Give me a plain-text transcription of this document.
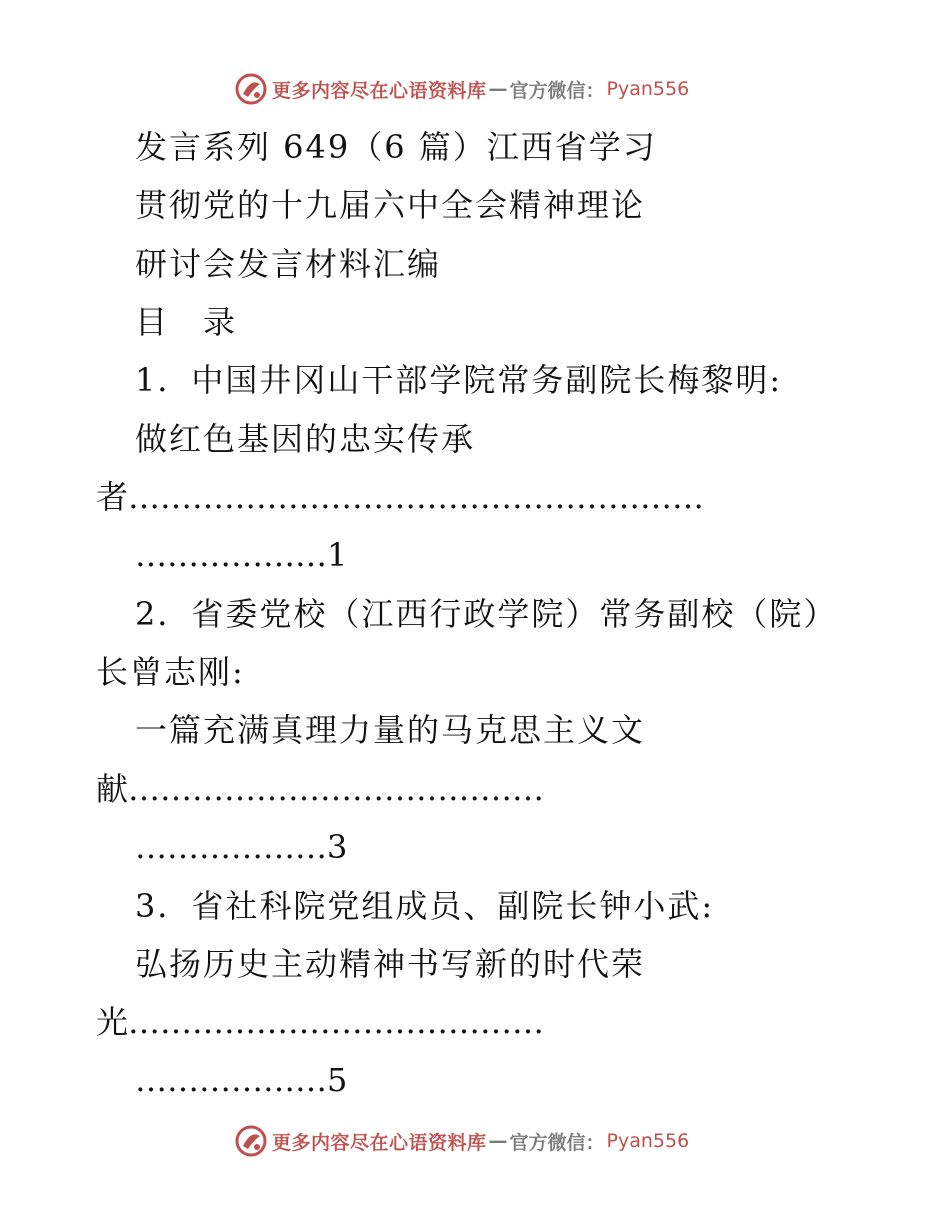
更多内容尽在心语资料库 — 官方微信： Pyan556
发言系列 649（6 篇）江西省学习
贯彻党的十九届六中全会精神理论
研讨会发言材料汇编
目　录
1．中国井冈山干部学院常务副院长梅黎明:
做红色基因的忠实传承
者………………………………………………
………………1
2．省委党校（江西行政学院）常务副校（院）
长曾志刚:
一篇充满真理力量的马克思主义文
献…………………………………
………………3
3．省社科院党组成员、副院长钟小武:
弘扬历史主动精神书写新的时代荣
光…………………………………
………………5
更多内容尽在心语资料库 — 官方微信： Pyan556
